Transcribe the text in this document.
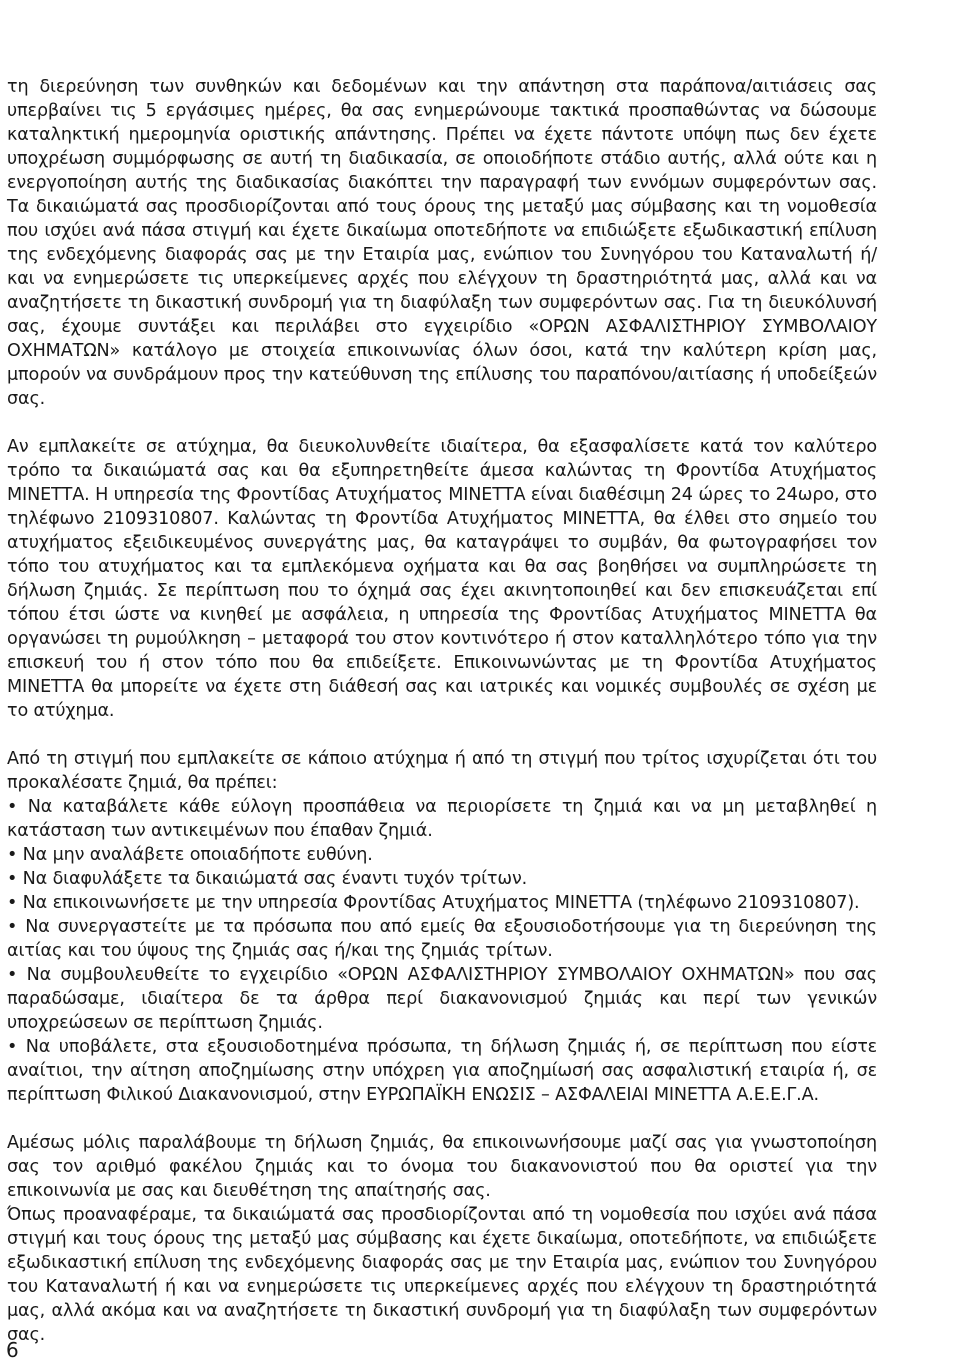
τη διερεύνηση των συνθηκών και δεδομένων και την απάντηση στα παράπονα/αιτιάσεις σας υπερβαίνει τις 5 εργάσιμες ημέρες, θα σας ενημερώνουμε τακτικά προσπαθώντας να δώσουμε καταληκτική ημερομηνία οριστικής απάντησης. Πρέπει να έχετε πάντοτε υπόψη πως δεν έχετε υποχρέωση συμμόρφωσης σε αυτή τη διαδικασία, σε οποιοδήποτε στάδιο αυτής, αλλά ούτε και η ενεργοποίηση αυτής της διαδικασίας διακόπτει την παραγραφή των εννόμων συμφερόντων σας. Τα δικαιώματά σας προσδιορίζονται από τους όρους της μεταξύ μας σύμβασης και τη νομοθεσία που ισχύει ανά πάσα στιγμή και έχετε δικαίωμα οποτεδήποτε να επιδιώξετε εξωδικαστική επίλυση της ενδεχόμενης διαφοράς σας με την Εταιρία μας, ενώπιον του Συνηγόρου του Καταναλωτή ή/ και να ενημερώσετε τις υπερκείμενες αρχές που ελέγχουν τη δραστηριότητά μας, αλλά και να αναζητήσετε τη δικαστική συνδρομή για τη διαφύλαξη των συμφερόντων σας. Για τη διευκόλυνσή σας, έχουμε συντάξει και περιλάβει στο εγχειρίδιο «ΟΡΩΝ ΑΣΦΑΛΙΣΤΗΡΙΟΥ ΣΥΜΒΟΛΑΙΟΥ ΟΧΗΜΑΤΩΝ» κατάλογο με στοιχεία επικοινωνίας όλων όσοι, κατά την καλύτερη κρίση μας, μπορούν να συνδράμουν προς την κατεύθυνση της επίλυσης του παραπόνου/αιτίασης ή υποδείξεών σας.

Αν εμπλακείτε σε ατύχημα, θα διευκολυνθείτε ιδιαίτερα, θα εξασφαλίσετε κατά τον καλύτερο τρόπο τα δικαιώματά σας και θα εξυπηρετηθείτε άμεσα καλώντας τη Φροντίδα Ατυχήματος ΜΙΝΕΤΤΑ. Η υπηρεσία της Φροντίδας Ατυχήματος ΜΙΝΕΤΤΑ είναι διαθέσιμη 24 ώρες το 24ωρο, στο τηλέφωνο 2109310807. Καλώντας τη Φροντίδα Ατυχήματος ΜΙΝΕΤΤΑ, θα έλθει στο σημείο του ατυχήματος εξειδικευμένος συνεργάτης μας, θα καταγράψει το συμβάν, θα φωτογραφήσει τον τόπο του ατυχήματος και τα εμπλεκόμενα οχήματα και θα σας βοηθήσει να συμπληρώσετε τη δήλωση ζημιάς. Σε περίπτωση που το όχημά σας έχει ακινητοποιηθεί και δεν επισκευάζεται επί τόπου έτσι ώστε να κινηθεί με ασφάλεια, η υπηρεσία της Φροντίδας Ατυχήματος ΜΙΝΕΤΤΑ θα οργανώσει τη ρυμούλκηση – μεταφορά του στον κοντινότερο ή στον καταλληλότερο τόπο για την επισκευή του ή στον τόπο που θα επιδείξετε. Επικοινωνώντας με τη Φροντίδα Ατυχήματος ΜΙΝΕΤΤΑ θα μπορείτε να έχετε στη διάθεσή σας και ιατρικές και νομικές συμβουλές σε σχέση με το ατύχημα.

Από τη στιγμή που εμπλακείτε σε κάποιο ατύχημα ή από τη στιγμή που τρίτος ισχυρίζεται ότι του προκαλέσατε ζημιά, θα πρέπει:

• Να καταβάλετε κάθε εύλογη προσπάθεια να περιορίσετε τη ζημιά και να μη μεταβληθεί η κατάσταση των αντικειμένων που έπαθαν ζημιά.

• Να μην αναλάβετε οποιαδήποτε ευθύνη.

• Να διαφυλάξετε τα δικαιώματά σας έναντι τυχόν τρίτων.

• Να επικοινωνήσετε με την υπηρεσία Φροντίδας Ατυχήματος ΜΙΝΕΤΤΑ (τηλέφωνο 2109310807).

• Να συνεργαστείτε με τα πρόσωπα που από εμείς θα εξουσιοδοτήσουμε για τη διερεύνηση της αιτίας και του ύψους της ζημιάς σας ή/και της ζημιάς τρίτων.

• Να συμβουλευθείτε το εγχειρίδιο «ΟΡΩΝ ΑΣΦΑΛΙΣΤΗΡΙΟΥ ΣΥΜΒΟΛΑΙΟΥ ΟΧΗΜΑΤΩΝ» που σας παραδώσαμε, ιδιαίτερα δε τα άρθρα περί διακανονισμού ζημιάς και περί των γενικών υποχρεώσεων σε περίπτωση ζημιάς.

• Να υποβάλετε, στα εξουσιοδοτημένα πρόσωπα, τη δήλωση ζημιάς ή, σε περίπτωση που είστε αναίτιοι, την αίτηση αποζημίωσης στην υπόχρεη για αποζημίωσή σας ασφαλιστική εταιρία ή, σε περίπτωση Φιλικού Διακανονισμού, στην ΕΥΡΩΠΑΪΚΗ ΕΝΩΣΙΣ – ΑΣΦΑΛΕΙΑΙ ΜΙΝΕΤΤΑ Α.Ε.Ε.Γ.Α.

Αμέσως μόλις παραλάβουμε τη δήλωση ζημιάς, θα επικοινωνήσουμε μαζί σας για γνωστοποίηση σας τον αριθμό φακέλου ζημιάς και το όνομα του διακανονιστού που θα οριστεί για την επικοινωνία με σας και διευθέτηση της απαίτησής σας.

Όπως προαναφέραμε, τα δικαιώματά σας προσδιορίζονται από τη νομοθεσία που ισχύει ανά πάσα στιγμή και τους όρους της μεταξύ μας σύμβασης και έχετε δικαίωμα, οποτεδήποτε, να επιδιώξετε εξωδικαστική επίλυση της ενδεχόμενης διαφοράς σας με την Εταιρία μας, ενώπιον του Συνηγόρου του Καταναλωτή ή και να ενημερώσετε τις υπερκείμενες αρχές που ελέγχουν τη δραστηριότητά μας, αλλά ακόμα και να αναζητήσετε τη δικαστική συνδρομή για τη διαφύλαξη των συμφερόντων σας.

6
